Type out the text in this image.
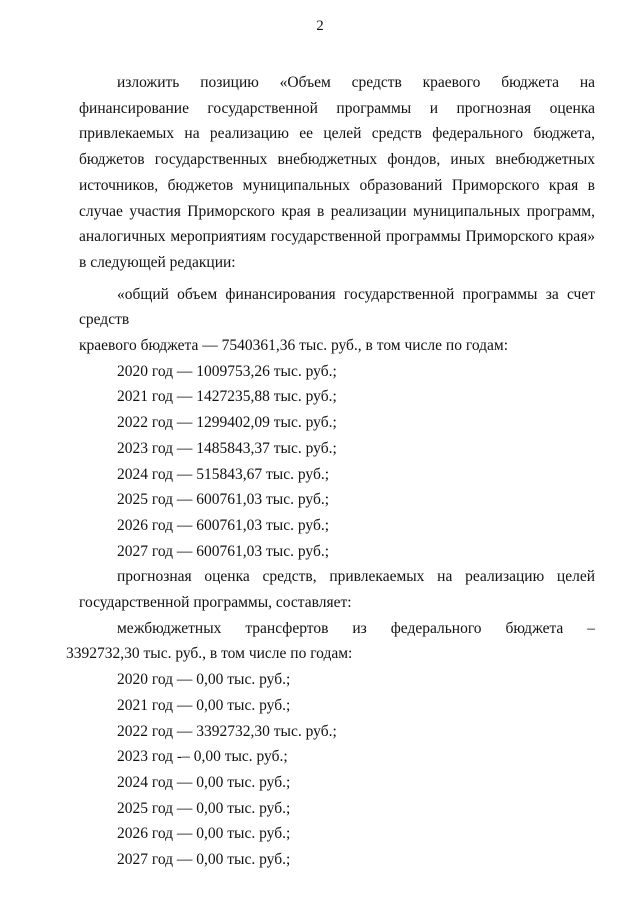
2

изложить позицию «Объем средств краевого бюджета на

финансирование государственной программы и прогнозная оценка
привлекаемых на реализацию ее целей средств федерального бюджета,
бюджетов государственных внебюджетных фондов, иных внебюджетных
источников, бюджетов муниципальных образований Приморского края в
случае участия Приморского края в реализации муниципальных программ,
аналогичных мероприятиям государственной программы Приморского края»
в следующей редакции:

«общий объем финансирования государственной программы за счет средств

краевого бюджета — 7540361,36 тыс. руб., в том числе по годам:

2020 год — 1009753,26 тыс. руб.;

2021 год — 1427235,88 тыс. руб.;

2022 год — 1299402,09 тыс. руб.;

2023 год — 1485843,37 тыс. руб.;

2024 год — 515843,67 тыс. руб.;

2025 год — 600761,03 тыс. руб.;

2026 год — 600761,03 тыс. руб.;

2027 год — 600761,03 тыс. руб.;

прогнозная оценка средств, привлекаемых на реализацию целей

государственной программы, составляет:

межбюджетных трансфертов из федерального бюджета –

3392732,30 тыс. руб., в том числе по годам:

2020 год — 0,00 тыс. руб.;

2021 год — 0,00 тыс. руб.;

2022 год — 3392732,30 тыс. руб.;

2023 год -– 0,00 тыс. руб.;

2024 год — 0,00 тыс. руб.;

2025 год — 0,00 тыс. руб.;

2026 год — 0,00 тыс. руб.;

2027 год — 0,00 тыс. руб.;
